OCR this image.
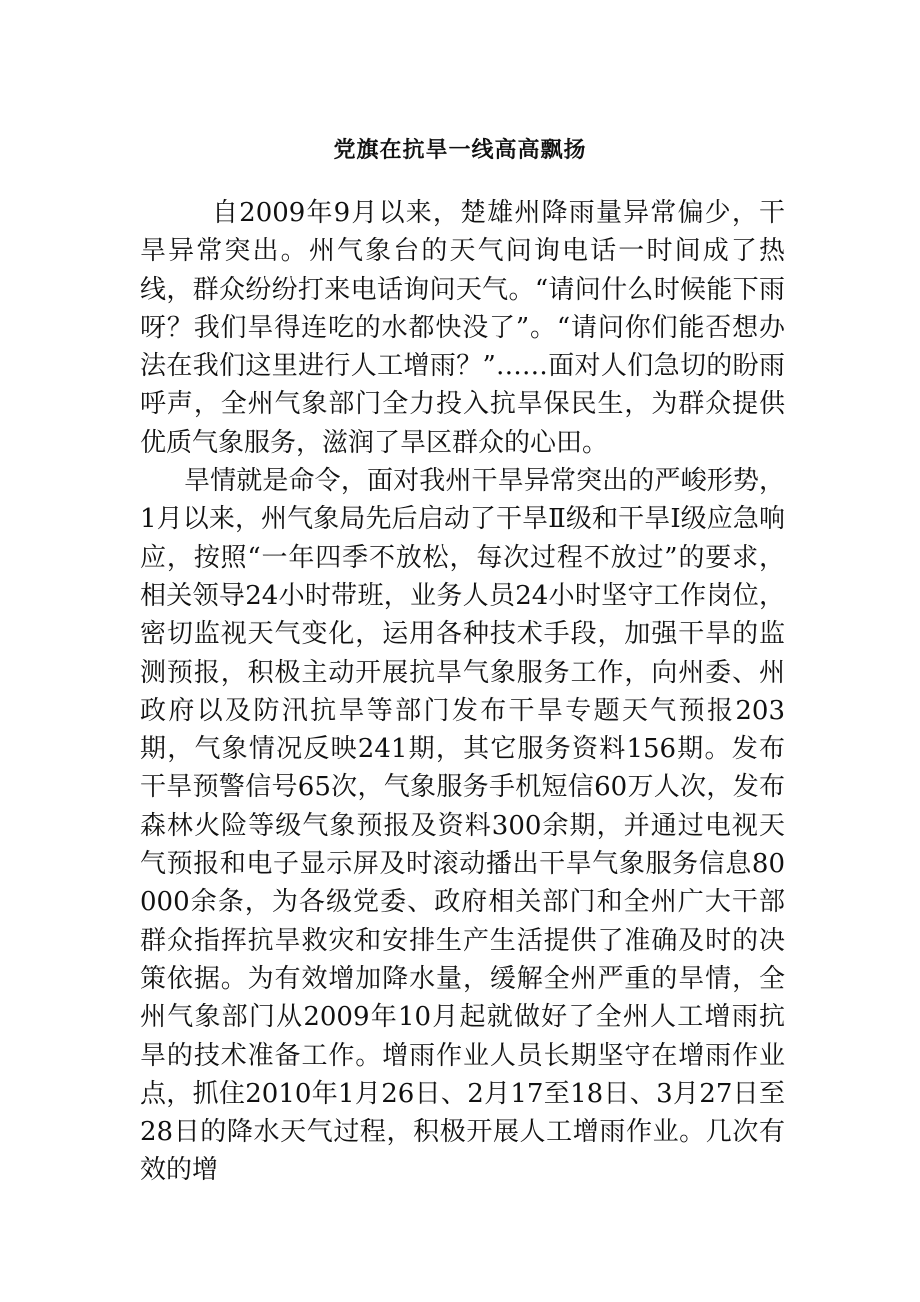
党旗在抗旱一线高高飘扬

自2009年9月以来，楚雄州降雨量异常偏少，干旱异常突出。州气象台的天气问询电话一时间成了热线，群众纷纷打来电话询问天气。“请问什么时候能下雨呀？我们旱得连吃的水都快没了”。“请问你们能否想办法在我们这里进行人工增雨？”……面对人们急切的盼雨呼声，全州气象部门全力投入抗旱保民生，为群众提供优质气象服务，滋润了旱区群众的心田。

旱情就是命令，面对我州干旱异常突出的严峻形势，1月以来，州气象局先后启动了干旱Ⅱ级和干旱Ⅰ级应急响应，按照“一年四季不放松，每次过程不放过”的要求，相关领导24小时带班，业务人员24小时坚守工作岗位，密切监视天气变化，运用各种技术手段，加强干旱的监测预报，积极主动开展抗旱气象服务工作，向州委、州政府以及防汛抗旱等部门发布干旱专题天气预报203期，气象情况反映241期，其它服务资料156期。发布干旱预警信号65次，气象服务手机短信60万人次，发布森林火险等级气象预报及资料300余期，并通过电视天气预报和电子显示屏及时滚动播出干旱气象服务信息80000余条，为各级党委、政府相关部门和全州广大干部群众指挥抗旱救灾和安排生产生活提供了准确及时的决策依据。为有效增加降水量，缓解全州严重的旱情，全州气象部门从2009年10月起就做好了全州人工增雨抗旱的技术准备工作。增雨作业人员长期坚守在增雨作业点，抓住2010年1月26日、2月17至18日、3月27日至28日的降水天气过程，积极开展人工增雨作业。几次有效的增
